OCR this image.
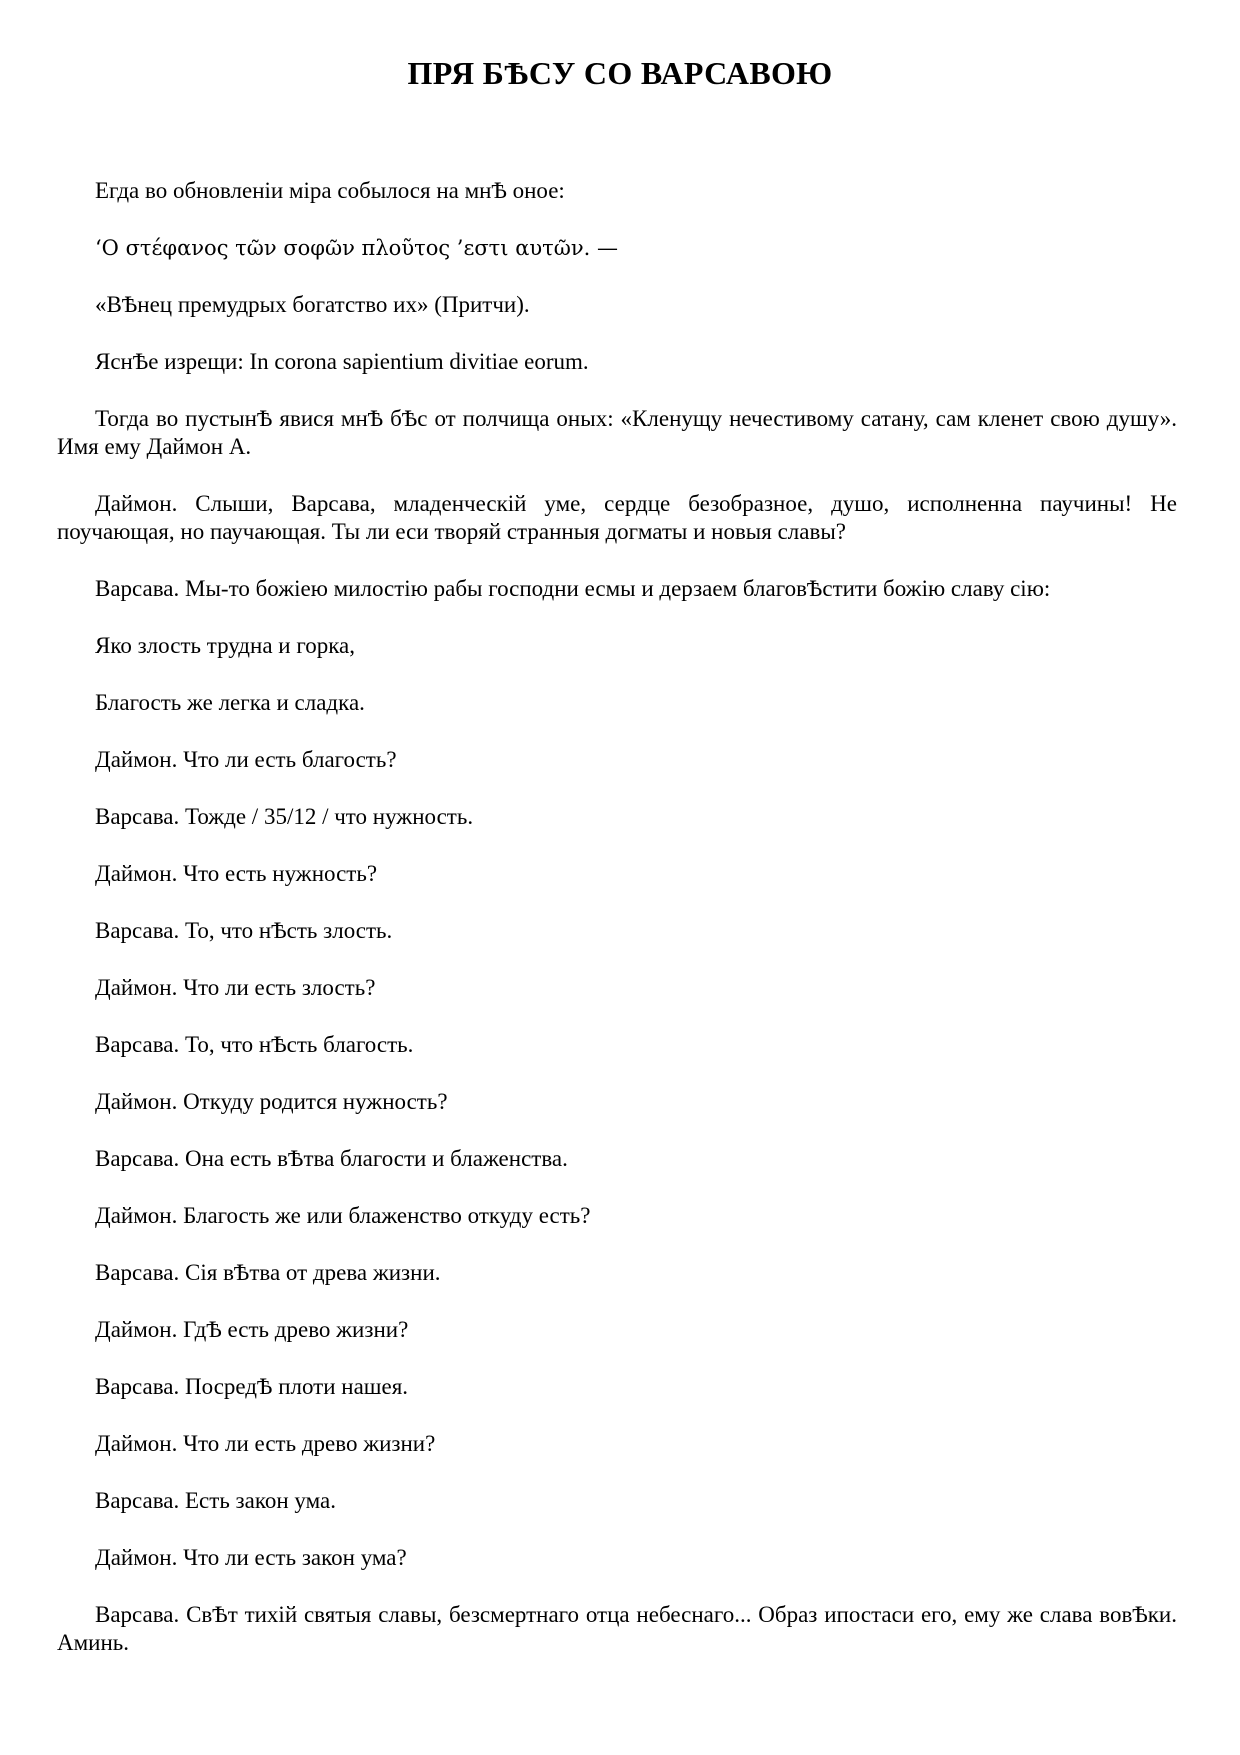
ПРЯ БѢСУ СО ВАРСАВОЮ

Егда во обновленіи міра собылося на мнѢ оное:

‘О στέφανος τῶν σοφῶν πλοῦτος ’εστι αυτῶν. —

«ВѢнец премудрых богатство их» (Притчи).

ЯснѢе изрещи: In corona sapientium divitiae eorum.

Тогда во пустынѢ явися мнѢ бѢс от полчища оных: «Кленущу нечестивому сатану, сам кленет свою душу». Имя ему Даймон А.

Даймон. Слыши, Варсава, младенческій уме, сердце безобразное, душо, исполненна паучины! Не поучающая, но паучающая. Ты ли еси творяй странныя догматы и новыя славы?

Варсава. Мы-то божіею милостію рабы господни есмы и дерзаем благовѢстити божію славу сію:

Яко злость трудна и горка,

Благость же легка и сладка.

Даймон. Что ли есть благость?

Варсава. Тожде / 35/12 / что нужность.

Даймон. Что есть нужность?

Варсава. То, что нѢсть злость.

Даймон. Что ли есть злость?

Варсава. То, что нѢсть благость.

Даймон. Откуду родится нужность?

Варсава. Она есть вѢтва благости и блаженства.

Даймон. Благость же или блаженство откуду есть?

Варсава. Сія вѢтва от древа жизни.

Даймон. ГдѢ есть древо жизни?

Варсава. ПосредѢ плоти нашея.

Даймон. Что ли есть древо жизни?

Варсава. Есть закон ума.

Даймон. Что ли есть закон ума?

Варсава. СвѢт тихій святыя славы, безсмертнаго отца небеснаго... Образ ипостаси его, ему же слава вовѢки. Аминь.
